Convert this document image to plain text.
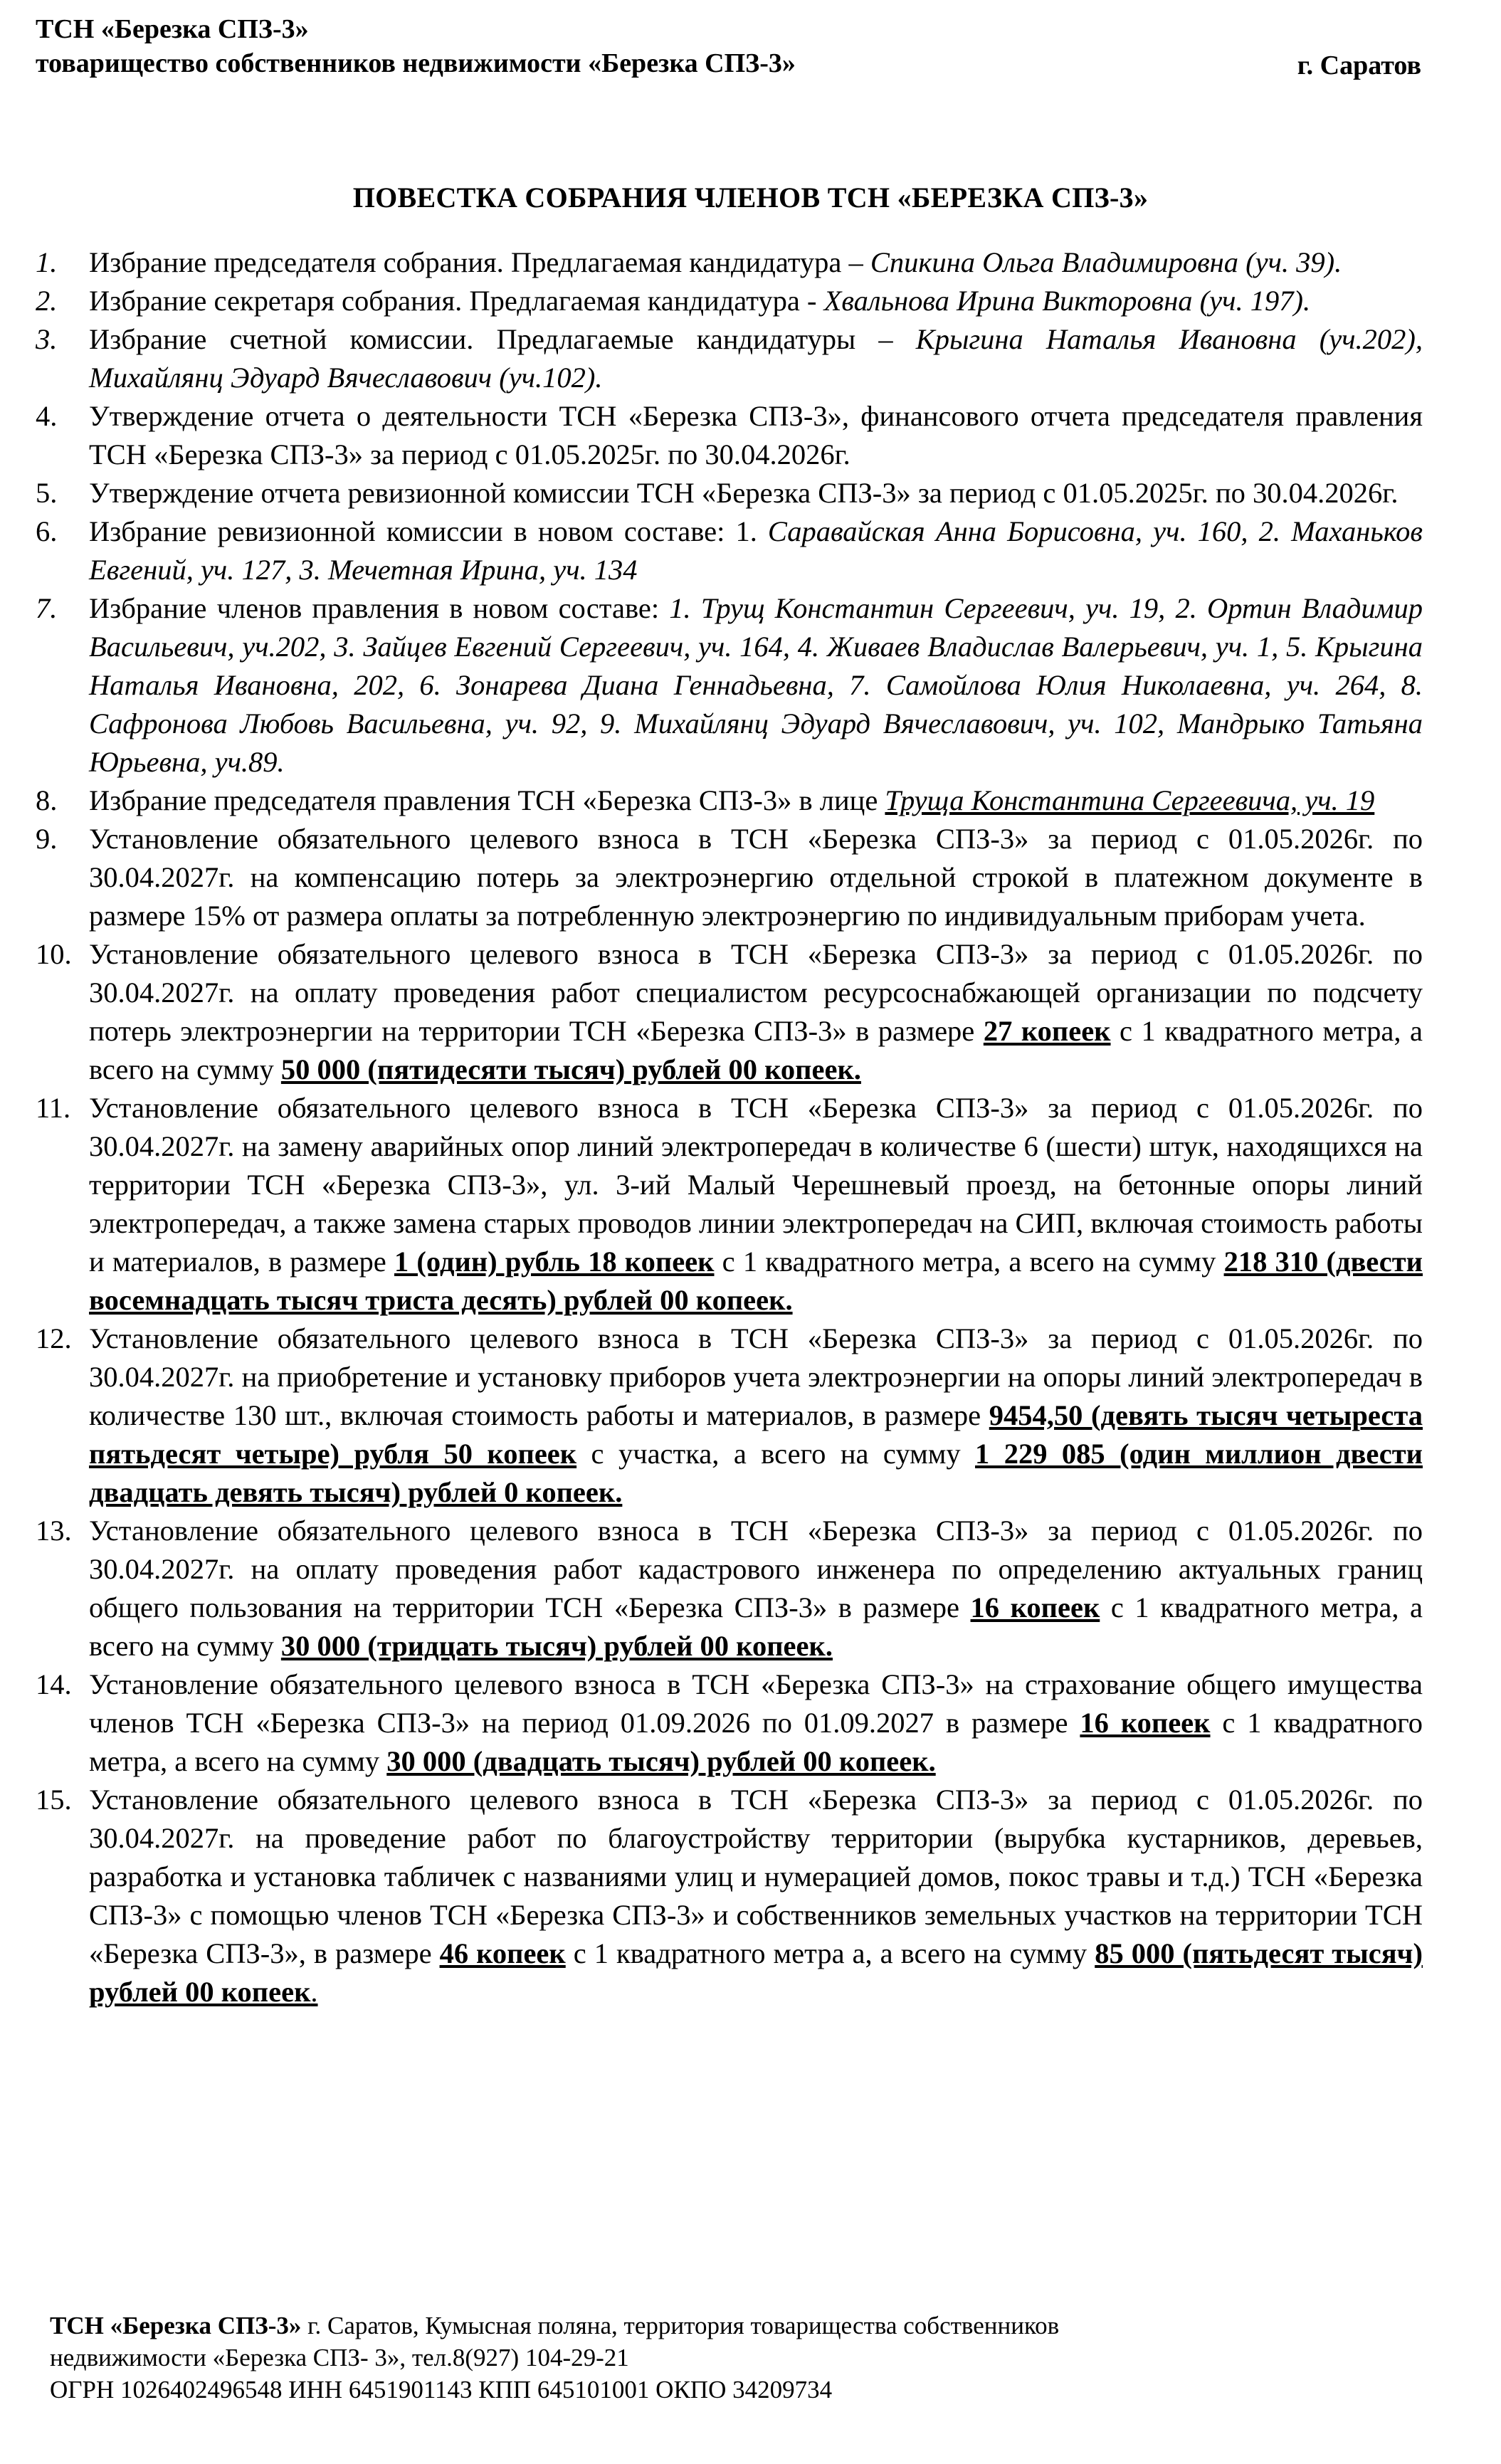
ТСН «Березка СПЗ-3»
товарищество собственников недвижимости «Березка СПЗ-3»	г. Саратов
ПОВЕСТКА СОБРАНИЯ ЧЛЕНОВ ТСН «БЕРЕЗКА СПЗ-3»
1.	Избрание председателя собрания. Предлагаемая кандидатура – Спикина Ольга Владимировна (уч. 39).
2.	Избрание секретаря собрания. Предлагаемая кандидатура - Хвальнова Ирина Викторовна (уч. 197).
3.	Избрание счетной комиссии. Предлагаемые кандидатуры – Крыгина Наталья Ивановна (уч.202), Михайлянц Эдуард Вячеславович (уч.102).
4.	Утверждение отчета о деятельности ТСН «Березка СПЗ-3», финансового отчета председателя правления ТСН «Березка СПЗ-3» за период с 01.05.2025г. по 30.04.2026г.
5.	Утверждение отчета ревизионной комиссии ТСН «Березка СПЗ-3» за период с 01.05.2025г. по 30.04.2026г.
6.	Избрание ревизионной комиссии в новом составе: 1. Саравайская Анна Борисовна, уч. 160, 2. Маханьков Евгений, уч. 127, 3. Мечетная Ирина, уч. 134
7.	Избрание членов правления в новом составе: 1. Трущ Константин Сергеевич, уч. 19, 2. Ортин Владимир Васильевич, уч.202, 3. Зайцев Евгений Сергеевич, уч. 164, 4. Живаев Владислав Валерьевич, уч. 1, 5. Крыгина Наталья Ивановна, 202, 6. Зонарева Диана Геннадьевна, 7. Самойлова Юлия Николаевна, уч. 264, 8. Сафронова Любовь Васильевна, уч. 92, 9. Михайлянц Эдуард Вячеславович, уч. 102, Мандрыко Татьяна Юрьевна, уч.89.
8.	Избрание председателя правления ТСН «Березка СПЗ-3» в лице Труща Константина Сергеевича, уч. 19
9.	Установление обязательного целевого взноса в ТСН «Березка СПЗ-3» за период с 01.05.2026г. по 30.04.2027г. на компенсацию потерь за электроэнергию отдельной строкой в платежном документе в размере 15% от размера оплаты за потребленную электроэнергию по индивидуальным приборам учета.
10. Установление обязательного целевого взноса в ТСН «Березка СПЗ-3» за период с 01.05.2026г. по 30.04.2027г. на оплату проведения работ специалистом ресурсоснабжающей организации по подсчету потерь электроэнергии на территории ТСН «Березка СПЗ-3» в размере 27 копеек с 1 квадратного метра, а всего на сумму 50 000 (пятидесяти тысяч) рублей 00 копеек.
11. Установление обязательного целевого взноса в ТСН «Березка СПЗ-3» за период с 01.05.2026г. по 30.04.2027г. на замену аварийных опор линий электропередач в количестве 6 (шести) штук, находящихся на территории ТСН «Березка СПЗ-3», ул. 3-ий Малый Черешневый проезд, на бетонные опоры линий электропередач, а также замена старых проводов линии электропередач на СИП, включая стоимость работы и материалов, в размере 1 (один) рубль 18 копеек с 1 квадратного метра, а всего на сумму 218 310 (двести восемнадцать тысяч триста десять) рублей 00 копеек.
12. Установление обязательного целевого взноса в ТСН «Березка СПЗ-3» за период с 01.05.2026г. по 30.04.2027г. на приобретение и установку приборов учета электроэнергии на опоры линий электропередач в количестве 130 шт., включая стоимость работы и материалов, в размере 9454,50 (девять тысяч четыреста пятьдесят четыре) рубля 50 копеек с участка, а всего на сумму 1 229 085 (один миллион двести двадцать девять тысяч) рублей 0 копеек.
13. Установление обязательного целевого взноса в ТСН «Березка СПЗ-3» за период с 01.05.2026г. по 30.04.2027г. на оплату проведения работ кадастрового инженера по определению актуальных границ общего пользования на территории ТСН «Березка СПЗ-3» в размере 16 копеек с 1 квадратного метра, а всего на сумму 30 000 (тридцать тысяч) рублей 00 копеек.
14. Установление обязательного целевого взноса в ТСН «Березка СПЗ-3» на страхование общего имущества членов ТСН «Березка СПЗ-3» на период 01.09.2026 по 01.09.2027 в размере 16 копеек с 1 квадратного метра, а всего на сумму 30 000 (двадцать тысяч) рублей 00 копеек.
15. Установление обязательного целевого взноса в ТСН «Березка СПЗ-3» за период с 01.05.2026г. по 30.04.2027г. на проведение работ по благоустройству территории (вырубка кустарников, деревьев, разработка и установка табличек с названиями улиц и нумерацией домов, покос травы и т.д.) ТСН «Березка СПЗ-3» с помощью членов ТСН «Березка СПЗ-3» и собственников земельных участков на территории ТСН «Березка СПЗ-3», в размере 46 копеек с 1 квадратного метра а, а всего на сумму 85 000 (пятьдесят тысяч) рублей 00 копеек.
ТСН «Березка СПЗ-3» г. Саратов, Кумысная поляна, территория товарищества собственников
недвижимости «Березка СПЗ- 3», тел.8(927) 104-29-21
ОГРН 1026402496548 ИНН 6451901143 КПП 645101001 ОКПО 34209734
